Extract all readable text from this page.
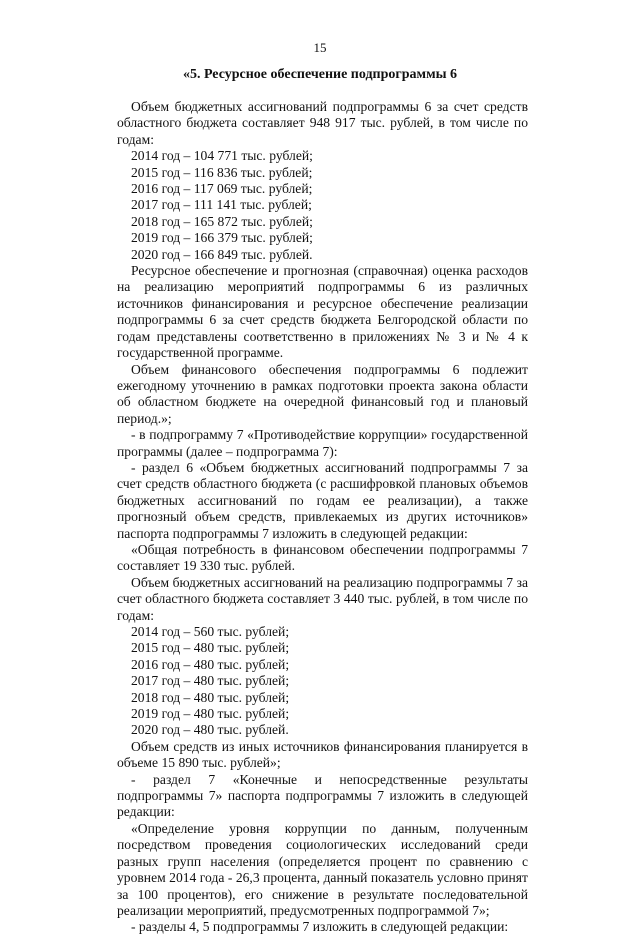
15
«5. Ресурсное обеспечение подпрограммы 6

Объем бюджетных ассигнований подпрограммы 6 за счет средств областного бюджета составляет 948 917 тыс. рублей, в том числе по годам:

2014 год – 104 771 тыс. рублей;

2015 год – 116 836 тыс. рублей;

2016 год – 117 069 тыс. рублей;

2017 год – 111 141 тыс. рублей;

2018 год – 165 872 тыс. рублей;

2019 год – 166 379 тыс. рублей;

2020 год – 166 849 тыс. рублей.

Ресурсное обеспечение и прогнозная (справочная) оценка расходов на реализацию мероприятий подпрограммы 6 из различных источников финансирования и ресурсное обеспечение реализации подпрограммы 6 за счет средств бюджета Белгородской области по годам представлены соответственно в приложениях № 3 и № 4 к государственной программе.

Объем финансового обеспечения подпрограммы 6 подлежит ежегодному уточнению в рамках подготовки проекта закона области об областном бюджете на очередной финансовый год и плановый период.»;

- в подпрограмму 7 «Противодействие коррупции» государственной программы (далее – подпрограмма 7):

- раздел 6 «Объем бюджетных ассигнований подпрограммы 7 за счет средств областного бюджета (с расшифровкой плановых объемов бюджетных ассигнований по годам ее реализации), а также прогнозный объем средств, привлекаемых из других источников» паспорта подпрограммы 7 изложить в следующей редакции:

«Общая потребность в финансовом обеспечении подпрограммы 7 составляет 19 330 тыс. рублей.

Объем бюджетных ассигнований на реализацию подпрограммы 7 за счет областного бюджета составляет 3 440 тыс. рублей, в том числе по годам:

2014 год – 560 тыс. рублей;

2015 год – 480 тыс. рублей;

2016 год – 480 тыс. рублей;

2017 год – 480 тыс. рублей;

2018 год – 480 тыс. рублей;

2019 год – 480 тыс. рублей;

2020 год – 480 тыс. рублей.

Объем средств из иных источников финансирования планируется в объеме 15 890 тыс. рублей»;

- раздел 7 «Конечные и непосредственные результаты подпрограммы 7» паспорта подпрограммы 7 изложить в следующей редакции:

«Определение уровня коррупции по данным, полученным посредством проведения социологических исследований среди разных групп населения (определяется процент по сравнению с уровнем 2014 года - 26,3 процента, данный показатель условно принят за 100 процентов), его снижение в результате последовательной реализации мероприятий, предусмотренных подпрограммой 7»;

- разделы 4, 5 подпрограммы 7 изложить в следующей редакции:
